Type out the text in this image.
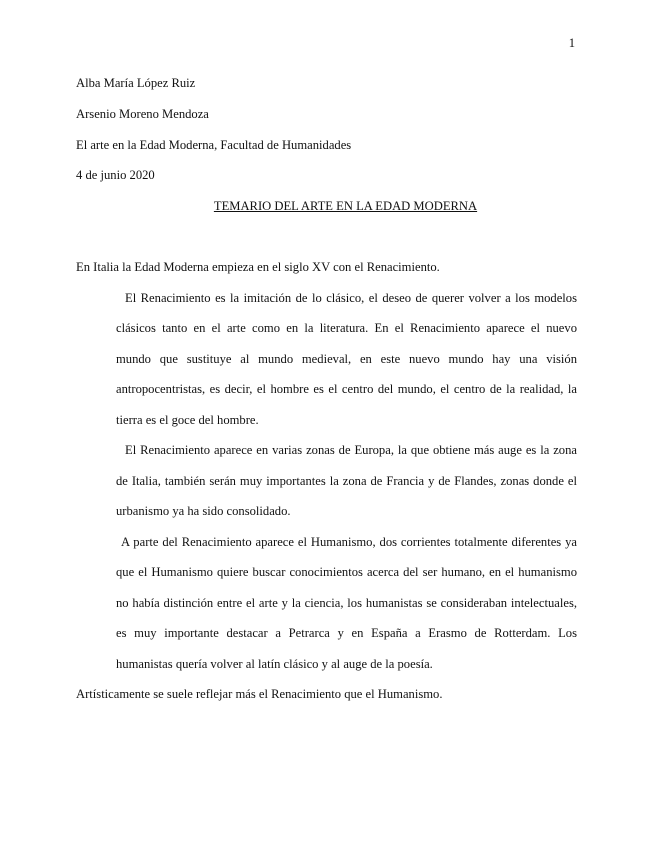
1
Alba María López Ruiz
Arsenio Moreno Mendoza
El arte en la Edad Moderna, Facultad de Humanidades
4 de junio 2020
TEMARIO DEL ARTE EN LA EDAD MODERNA
En Italia la Edad Moderna empieza en el siglo XV con el Renacimiento.
El Renacimiento es la imitación de lo clásico, el deseo de querer volver a los modelos
clásicos tanto en el arte como en la literatura. En el Renacimiento aparece el nuevo
mundo que sustituye al mundo medieval, en este nuevo mundo hay una visión
antropocentristas, es decir, el hombre es el centro del mundo, el centro de la realidad, la
tierra es el goce del hombre.
El Renacimiento aparece en varias zonas de Europa, la que obtiene más auge es la zona
de Italia, también serán muy importantes la zona de Francia y de Flandes, zonas donde el
urbanismo ya ha sido consolidado.
A parte del Renacimiento aparece el Humanismo, dos corrientes totalmente diferentes ya
que el Humanismo quiere buscar conocimientos acerca del ser humano, en el humanismo
no había distinción entre el arte y la ciencia, los humanistas se consideraban intelectuales,
es muy importante destacar a Petrarca y en España a Erasmo de Rotterdam. Los
humanistas quería volver al latín clásico y al auge de la poesía.
Artísticamente se suele reflejar más el Renacimiento que el Humanismo.
